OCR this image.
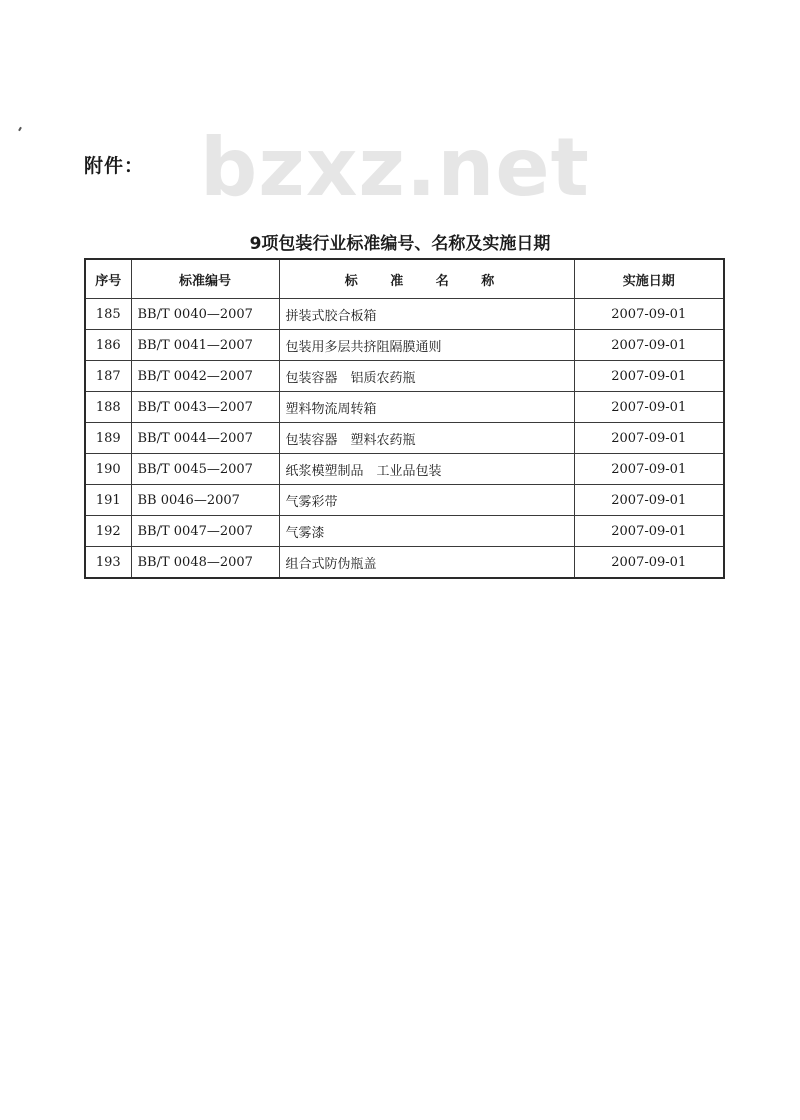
bzxz.net
附件：
9项包装行业标准编号、名称及实施日期
序号	标准编号	标 准 名 称	实施日期
185	BB/T 0040—2007	拼装式胶合板箱	2007-09-01
186	BB/T 0041—2007	包装用多层共挤阻隔膜通则	2007-09-01
187	BB/T 0042—2007	包装容器　铝质农药瓶	2007-09-01
188	BB/T 0043—2007	塑料物流周转箱	2007-09-01
189	BB/T 0044—2007	包装容器　塑料农药瓶	2007-09-01
190	BB/T 0045—2007	纸浆模塑制品　工业品包装	2007-09-01
191	BB 0046—2007	气雾彩带	2007-09-01
192	BB/T 0047—2007	气雾漆	2007-09-01
193	BB/T 0048—2007	组合式防伪瓶盖	2007-09-01
